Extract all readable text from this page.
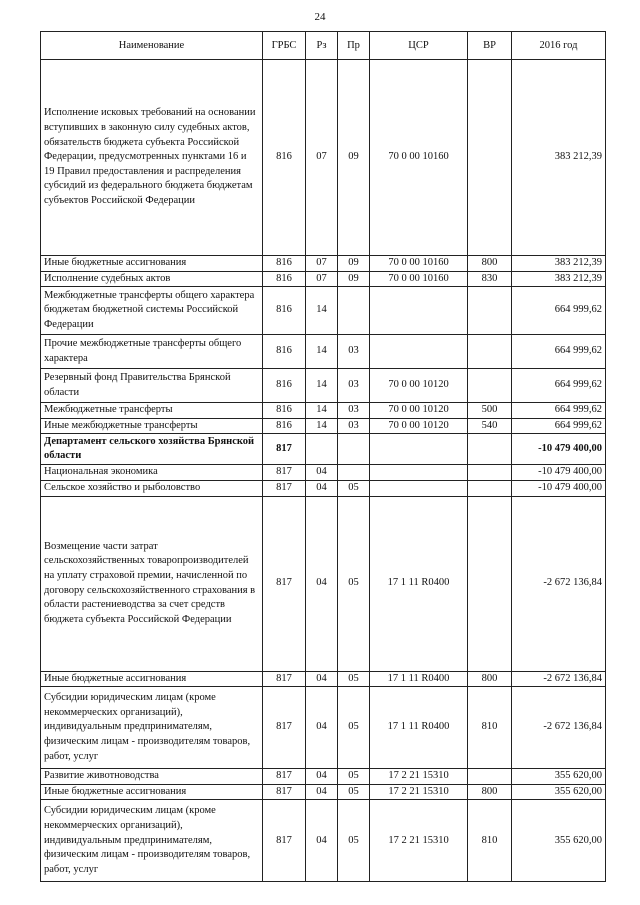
24
Наименование	ГРБС	Рз	Пр	ЦСР	ВР	2016 год
Исполнение исковых требований на основании вступивших в законную силу судебных актов, обязательств бюджета субъекта Российской Федерации, предусмотренных пунктами 16 и 19 Правил предоставления и распределения субсидий из федерального бюджета бюджетам субъектов Российской Федерации	816	07	09	70 0 00 10160		383 212,39
Иные бюджетные ассигнования	816	07	09	70 0 00 10160	800	383 212,39
Исполнение судебных актов	816	07	09	70 0 00 10160	830	383 212,39
Межбюджетные трансферты общего характера бюджетам бюджетной системы Российской Федерации	816	14				664 999,62
Прочие межбюджетные трансферты общего характера	816	14	03			664 999,62
Резервный фонд Правительства Брянской области	816	14	03	70 0 00 10120		664 999,62
Межбюджетные трансферты	816	14	03	70 0 00 10120	500	664 999,62
Иные межбюджетные трансферты	816	14	03	70 0 00 10120	540	664 999,62
Департамент сельского хозяйства Брянской области	817					-10 479 400,00
Национальная экономика	817	04				-10 479 400,00
Сельское хозяйство и рыболовство	817	04	05			-10 479 400,00
Возмещение части затрат сельскохозяйственных товаропроизводителей на уплату страховой премии, начисленной по договору сельскохозяйственного страхования в области растениеводства за счет средств бюджета субъекта Российской Федерации	817	04	05	17 1 11 R0400		-2 672 136,84
Иные бюджетные ассигнования	817	04	05	17 1 11 R0400	800	-2 672 136,84
Субсидии юридическим лицам (кроме некоммерческих организаций), индивидуальным предпринимателям, физическим лицам - производителям товаров, работ, услуг	817	04	05	17 1 11 R0400	810	-2 672 136,84
Развитие животноводства	817	04	05	17 2 21 15310		355 620,00
Иные бюджетные ассигнования	817	04	05	17 2 21 15310	800	355 620,00
Субсидии юридическим лицам (кроме некоммерческих организаций), индивидуальным предпринимателям, физическим лицам - производителям товаров, работ, услуг	817	04	05	17 2 21 15310	810	355 620,00
